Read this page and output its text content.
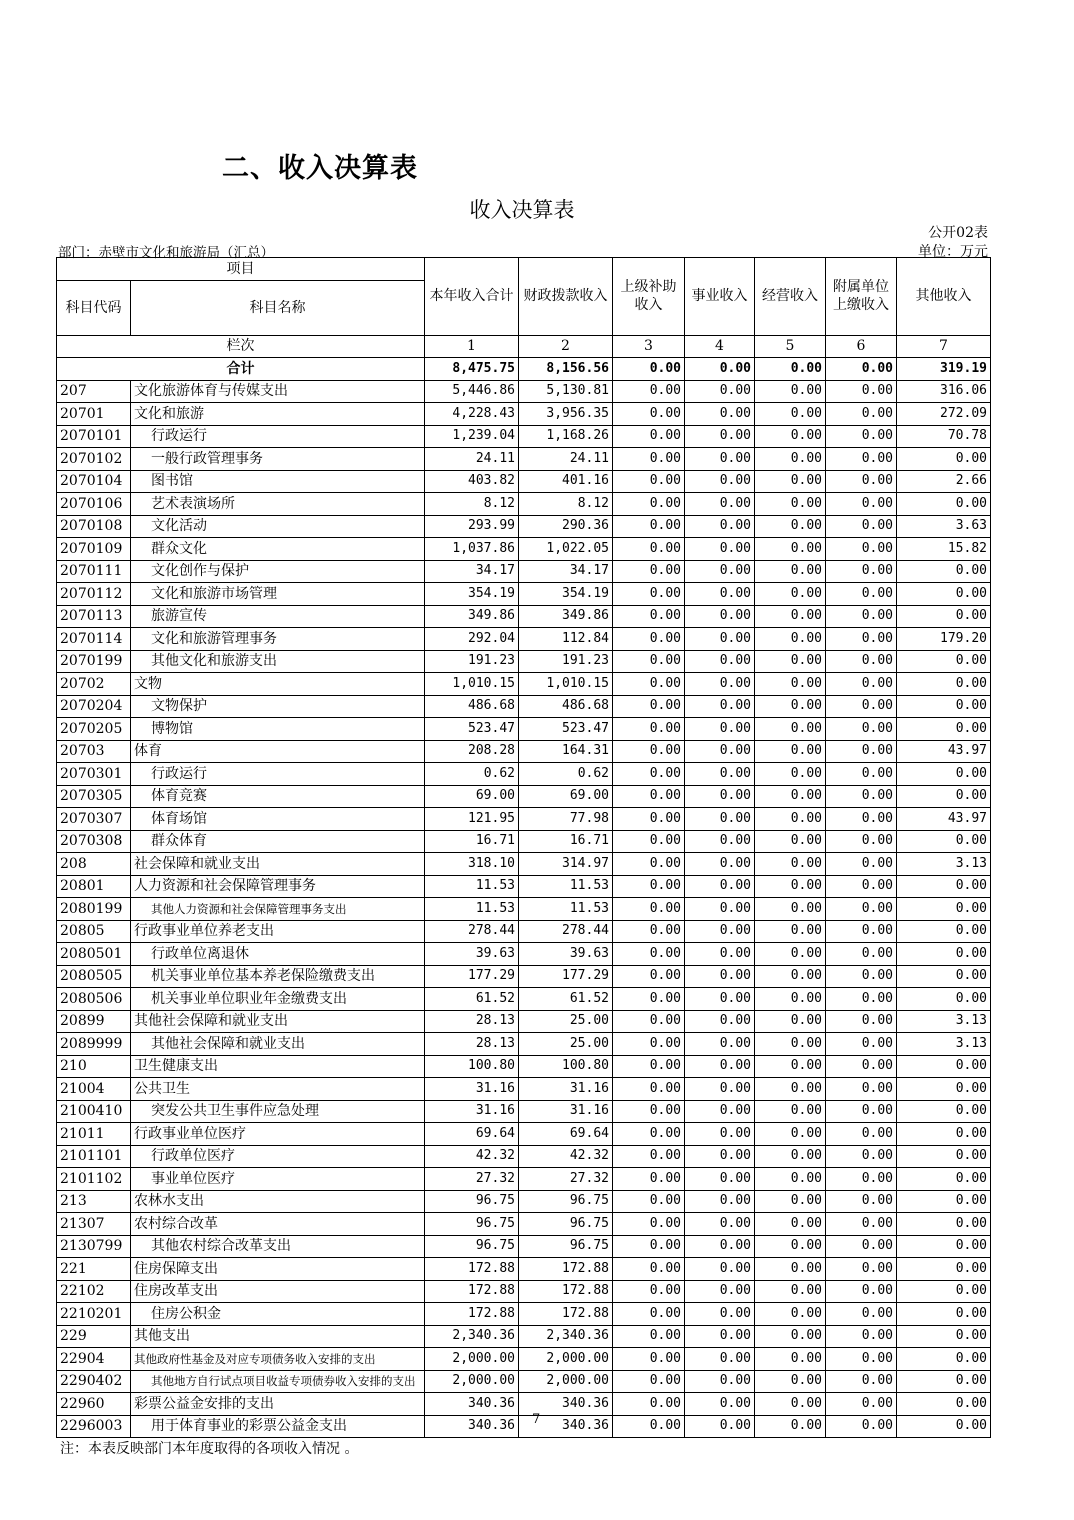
二、收入决算表
收入决算表
公开02表
部门：赤壁市文化和旅游局（汇总）	单位：万元
项目		本年收入合计	财政拨款收入	上级补助收入	事业收入	经营收入	附属单位上缴收入	其他收入
科目代码	科目名称							
栏次		1	2	3	4	5	6	7
合计		8,475.75	8,156.56	0.00	0.00	0.00	0.00	319.19
207	文化旅游体育与传媒支出	5,446.86	5,130.81	0.00	0.00	0.00	0.00	316.06
20701	文化和旅游	4,228.43	3,956.35	0.00	0.00	0.00	0.00	272.09
2070101	行政运行	1,239.04	1,168.26	0.00	0.00	0.00	0.00	70.78
2070102	一般行政管理事务	24.11	24.11	0.00	0.00	0.00	0.00	0.00
2070104	图书馆	403.82	401.16	0.00	0.00	0.00	0.00	2.66
2070106	艺术表演场所	8.12	8.12	0.00	0.00	0.00	0.00	0.00
2070108	文化活动	293.99	290.36	0.00	0.00	0.00	0.00	3.63
2070109	群众文化	1,037.86	1,022.05	0.00	0.00	0.00	0.00	15.82
2070111	文化创作与保护	34.17	34.17	0.00	0.00	0.00	0.00	0.00
2070112	文化和旅游市场管理	354.19	354.19	0.00	0.00	0.00	0.00	0.00
2070113	旅游宣传	349.86	349.86	0.00	0.00	0.00	0.00	0.00
2070114	文化和旅游管理事务	292.04	112.84	0.00	0.00	0.00	0.00	179.20
2070199	其他文化和旅游支出	191.23	191.23	0.00	0.00	0.00	0.00	0.00
20702	文物	1,010.15	1,010.15	0.00	0.00	0.00	0.00	0.00
2070204	文物保护	486.68	486.68	0.00	0.00	0.00	0.00	0.00
2070205	博物馆	523.47	523.47	0.00	0.00	0.00	0.00	0.00
20703	体育	208.28	164.31	0.00	0.00	0.00	0.00	43.97
2070301	行政运行	0.62	0.62	0.00	0.00	0.00	0.00	0.00
2070305	体育竞赛	69.00	69.00	0.00	0.00	0.00	0.00	0.00
2070307	体育场馆	121.95	77.98	0.00	0.00	0.00	0.00	43.97
2070308	群众体育	16.71	16.71	0.00	0.00	0.00	0.00	0.00
208	社会保障和就业支出	318.10	314.97	0.00	0.00	0.00	0.00	3.13
20801	人力资源和社会保障管理事务	11.53	11.53	0.00	0.00	0.00	0.00	0.00
2080199	其他人力资源和社会保障管理事务支出	11.53	11.53	0.00	0.00	0.00	0.00	0.00
20805	行政事业单位养老支出	278.44	278.44	0.00	0.00	0.00	0.00	0.00
2080501	行政单位离退休	39.63	39.63	0.00	0.00	0.00	0.00	0.00
2080505	机关事业单位基本养老保险缴费支出	177.29	177.29	0.00	0.00	0.00	0.00	0.00
2080506	机关事业单位职业年金缴费支出	61.52	61.52	0.00	0.00	0.00	0.00	0.00
20899	其他社会保障和就业支出	28.13	25.00	0.00	0.00	0.00	0.00	3.13
2089999	其他社会保障和就业支出	28.13	25.00	0.00	0.00	0.00	0.00	3.13
210	卫生健康支出	100.80	100.80	0.00	0.00	0.00	0.00	0.00
21004	公共卫生	31.16	31.16	0.00	0.00	0.00	0.00	0.00
2100410	突发公共卫生事件应急处理	31.16	31.16	0.00	0.00	0.00	0.00	0.00
21011	行政事业单位医疗	69.64	69.64	0.00	0.00	0.00	0.00	0.00
2101101	行政单位医疗	42.32	42.32	0.00	0.00	0.00	0.00	0.00
2101102	事业单位医疗	27.32	27.32	0.00	0.00	0.00	0.00	0.00
213	农林水支出	96.75	96.75	0.00	0.00	0.00	0.00	0.00
21307	农村综合改革	96.75	96.75	0.00	0.00	0.00	0.00	0.00
2130799	其他农村综合改革支出	96.75	96.75	0.00	0.00	0.00	0.00	0.00
221	住房保障支出	172.88	172.88	0.00	0.00	0.00	0.00	0.00
22102	住房改革支出	172.88	172.88	0.00	0.00	0.00	0.00	0.00
2210201	住房公积金	172.88	172.88	0.00	0.00	0.00	0.00	0.00
229	其他支出	2,340.36	2,340.36	0.00	0.00	0.00	0.00	0.00
22904	其他政府性基金及对应专项债务收入安排的支出	2,000.00	2,000.00	0.00	0.00	0.00	0.00	0.00
2290402	其他地方自行试点项目收益专项债券收入安排的支出	2,000.00	2,000.00	0.00	0.00	0.00	0.00	0.00
22960	彩票公益金安排的支出	340.36	340.36	0.00	0.00	0.00	0.00	0.00
2296003	用于体育事业的彩票公益金支出	340.36	340.36	0.00	0.00	0.00	0.00	0.00
7
注：本表反映部门本年度取得的各项收入情况 。
